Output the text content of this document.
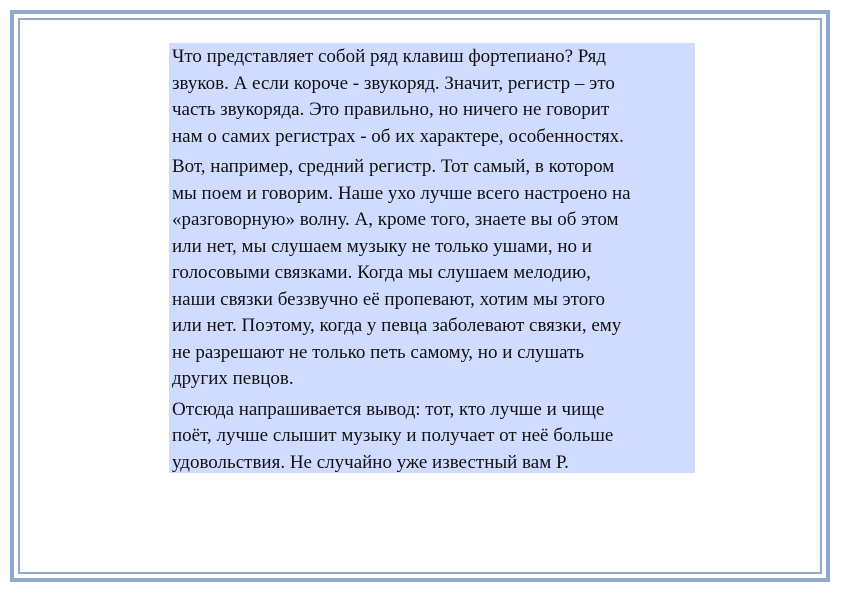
Что представляет собой ряд клавиш фортепиано? Ряд
звуков. А если короче - звукоряд. Значит, регистр – это
часть звукоряда. Это правильно, но ничего не говорит
нам о самих регистрах - об их характере, особенностях.

Вот, например, средний регистр. Тот самый, в котором
мы поем и говорим. Наше ухо лучше всего настроено на
«разговорную» волну. А, кроме того, знаете вы об этом
или нет, мы слушаем музыку не только ушами, но и
голосовыми связками. Когда мы слушаем мелодию,
наши связки беззвучно её пропевают, хотим мы этого
или нет. Поэтому, когда у певца заболевают связки, ему
не разрешают не только петь самому, но и слушать
других певцов.

Отсюда напрашивается вывод: тот, кто лучше и чище
поёт, лучше слышит музыку и получает от неё больше
удовольствия. Не случайно уже известный вам Р.
